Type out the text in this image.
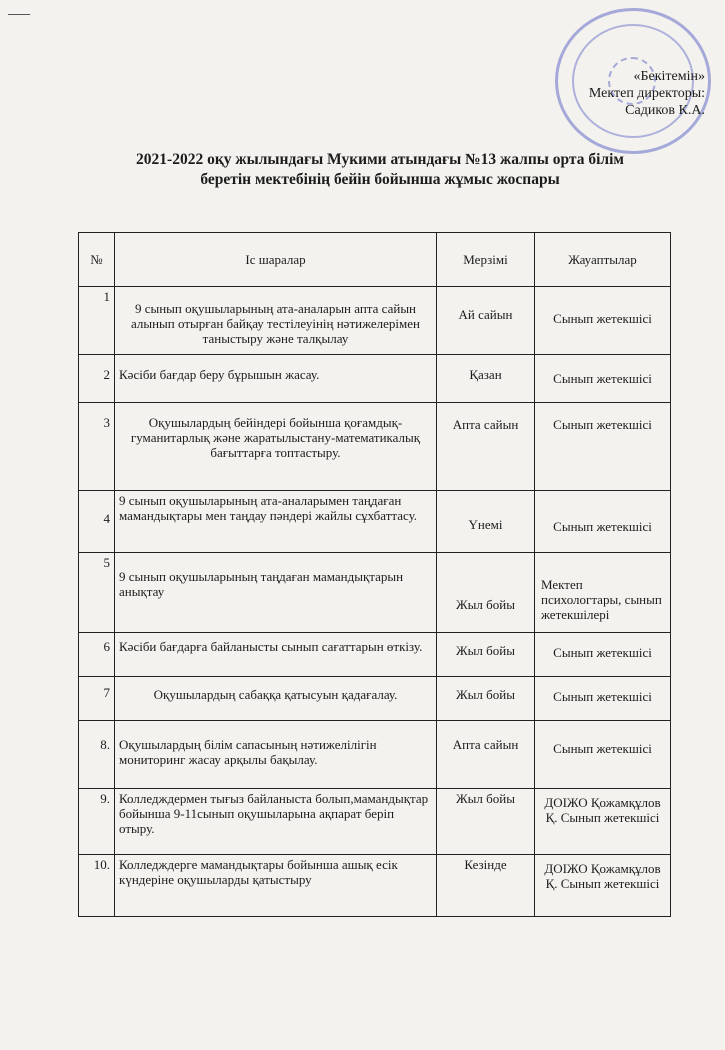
«Бекітемін»
Мектеп директоры:
Садиков К.А.
2021-2022 оқу жылындағы Мукими атындағы №13 жалпы орта білім
беретін мектебінің бейін бойынша жұмыс жоспары
№	Іс шаралар	Мерзімі	Жауаптылар
1	9 сынып оқушыларының ата-аналарын апта сайын алынып отырған байқау тестілеуінің нәтижелерімен таныстыру және талқылау	Ай сайын	Сынып жетекшісі
2	Кәсіби бағдар беру бұрышын жасау.	Қазан	Сынып жетекшісі
3	Оқушылардың бейіндері бойынша қоғамдық-гуманитарлық және жаратылыстану-математикалық бағыттарға топтастыру.	Апта сайын	Сынып жетекшісі
4	9 сынып оқушыларының ата-аналарымен таңдаған мамандықтары мен таңдау пәндері жайлы сұхбаттасу.	Үнемі	Сынып жетекшісі
5	9 сынып оқушыларының таңдаған мамандықтарын анықтау	Жыл бойы	Мектеп психологтары, сынып жетекшілері
6	Кәсіби бағдарға байланысты сынып сағаттарын өткізу.	Жыл бойы	Сынып жетекшісі
7	Оқушылардың сабаққа қатысуын қадағалау.	Жыл бойы	Сынып жетекшісі
8.	Оқушылардың білім сапасының нәтижелілігін мониторинг жасау арқылы бақылау.	Апта сайын	Сынып жетекшісі
9.	Колледждермен тығыз байланыста болып,мамандықтар бойынша 9-11сынып оқушыларына ақпарат беріп отыру.	Жыл бойы	ДОІЖО Қожамқұлов Қ. Сынып жетекшісі
10.	Колледждерге мамандықтары бойынша ашық есік күндеріне оқушыларды қатыстыру	Кезінде	ДОІЖО Қожамқұлов Қ. Сынып жетекшісі
